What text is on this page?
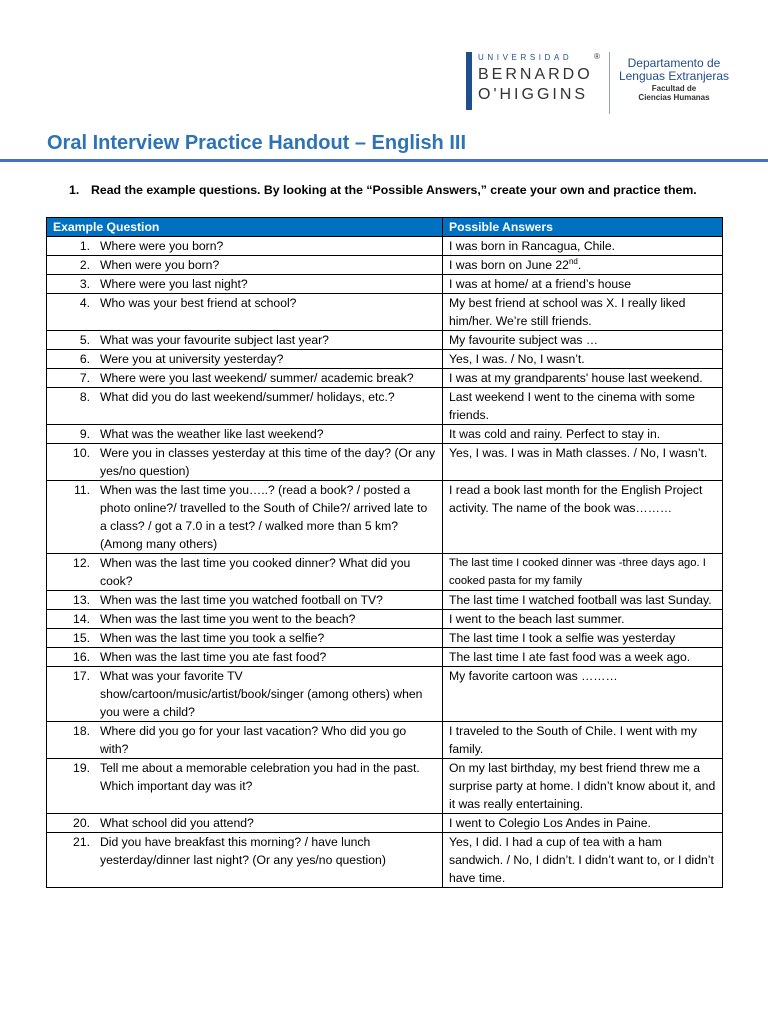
UNIVERSIDAD
BERNARDO
O'HIGGINS
®	Departamento de
Lenguas Extranjeras
Facultad de
Ciencias Humanas
Oral Interview Practice Handout – English III
1. Read the example questions. By looking at the “Possible Answers,” create your own and practice them.
Example Question	Possible Answers

1. Where were you born?	I was born in Rancagua, Chile.

2. When were you born?	I was born on June 22nd.

3. Where were you last night?	I was at home/ at a friend’s house

4. Who was your best friend at school?	My best friend at school was X. I really liked him/her. We’re still friends.

5. What was your favourite subject last year?	My favourite subject was …

6. Were you at university yesterday?	Yes, I was. / No, I wasn’t.

7. Where were you last weekend/ summer/ academic break?	I was at my grandparents' house last weekend.

8. What did you do last weekend/summer/ holidays, etc.?	Last weekend I went to the cinema with some friends.

9. What was the weather like last weekend?	It was cold and rainy. Perfect to stay in.

10. Were you in classes yesterday at this time of the day? (Or any yes/no question)	Yes, I was. I was in Math classes. / No, I wasn’t.

11. When was the last time you…..? (read a book? / posted a photo online?/ travelled to the South of Chile?/ arrived late to a class? / got a 7.0 in a test? / walked more than 5 km? (Among many others)	I read a book last month for the English Project activity. The name of the book was………

12. When was the last time you cooked dinner? What did you cook?	The last time I cooked dinner was -three days ago. I cooked pasta for my family

13. When was the last time you watched football on TV?	The last time I watched football was last Sunday.

14. When was the last time you went to the beach?	I went to the beach last summer.

15. When was the last time you took a selfie?	The last time I took a selfie was yesterday

16. When was the last time you ate fast food?	The last time I ate fast food was a week ago.

17. What was your favorite TV show/cartoon/music/artist/book/singer (among others) when you were a child?	My favorite cartoon was ………

18. Where did you go for your last vacation? Who did you go with?	I traveled to the South of Chile. I went with my family.

19. Tell me about a memorable celebration you had in the past. Which important day was it?	On my last birthday, my best friend threw me a surprise party at home. I didn’t know about it, and it was really entertaining.

20. What school did you attend?	I went to Colegio Los Andes in Paine.

21. Did you have breakfast this morning? / have lunch yesterday/dinner last night? (Or any yes/no question)	Yes, I did. I had a cup of tea with a ham sandwich. / No, I didn’t. I didn’t want to, or I didn’t have time.
